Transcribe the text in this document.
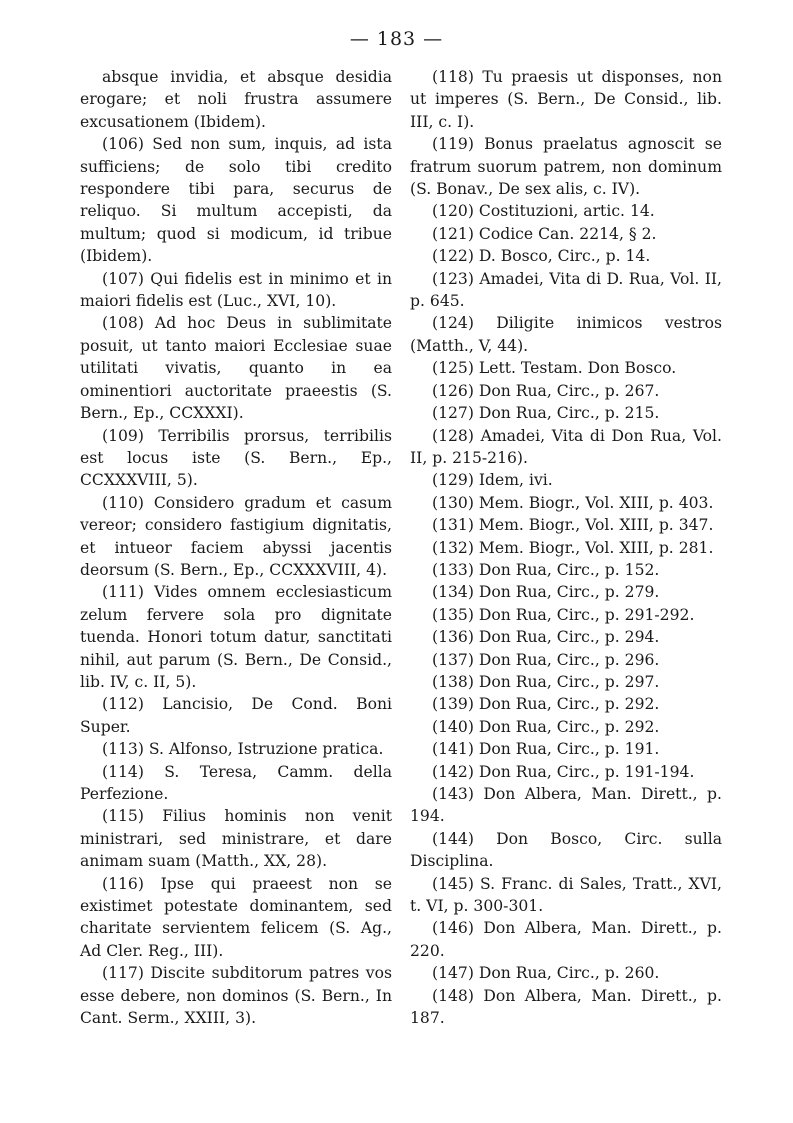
— 183 —

absque invidia, et absque desidia erogare; et noli frustra assumere excusationem (Ibidem).

(106) Sed non sum, inquis, ad ista sufficiens; de solo tibi credito respondere tibi para, securus de reliquo. Si multum accepisti, da multum; quod si modicum, id tribue (Ibidem).

(107) Qui fidelis est in minimo et in maiori fidelis est (Luc., XVI, 10).

(108) Ad hoc Deus in sublimitate posuit, ut tanto maiori Ecclesiae suae utilitati vivatis, quanto in ea ominentiori auctoritate praeestis (S. Bern., Ep., CCXXXI).

(109) Terribilis prorsus, terribilis est locus iste (S. Bern., Ep., CCXXXVIII, 5).

(110) Considero gradum et casum vereor; considero fastigium dignitatis, et intueor faciem abyssi jacentis deorsum (S. Bern., Ep., CCXXXVIII, 4).

(111) Vides omnem ecclesiasticum zelum fervere sola pro dignitate tuenda. Honori totum datur, sanctitati nihil, aut parum (S. Bern., De Consid., lib. IV, c. II, 5).

(112) Lancisio, De Cond. Boni Super.

(113) S. Alfonso, Istruzione pratica.

(114) S. Teresa, Camm. della Perfezione.

(115) Filius hominis non venit ministrari, sed ministrare, et dare animam suam (Matth., XX, 28).

(116) Ipse qui praeest non se existimet potestate dominantem, sed charitate servientem felicem (S. Ag., Ad Cler. Reg., III).

(117) Discite subditorum patres vos esse debere, non dominos (S. Bern., In Cant. Serm., XXIII, 3).

(118) Tu praesis ut disponses, non ut imperes (S. Bern., De Consid., lib. III, c. I).

(119) Bonus praelatus agnoscit se fratrum suorum patrem, non dominum (S. Bonav., De sex alis, c. IV).

(120) Costituzioni, artic. 14.

(121) Codice Can. 2214, § 2.

(122) D. Bosco, Circ., p. 14.

(123) Amadei, Vita di D. Rua, Vol. II, p. 645.

(124) Diligite inimicos vestros (Matth., V, 44).

(125) Lett. Testam. Don Bosco.

(126) Don Rua, Circ., p. 267.

(127) Don Rua, Circ., p. 215.

(128) Amadei, Vita di Don Rua, Vol. II, p. 215-216).

(129) Idem, ivi.

(130) Mem. Biogr., Vol. XIII, p. 403.

(131) Mem. Biogr., Vol. XIII, p. 347.

(132) Mem. Biogr., Vol. XIII, p. 281.

(133) Don Rua, Circ., p. 152.

(134) Don Rua, Circ., p. 279.

(135) Don Rua, Circ., p. 291-292.

(136) Don Rua, Circ., p. 294.

(137) Don Rua, Circ., p. 296.

(138) Don Rua, Circ., p. 297.

(139) Don Rua, Circ., p. 292.

(140) Don Rua, Circ., p. 292.

(141) Don Rua, Circ., p. 191.

(142) Don Rua, Circ., p. 191-194.

(143) Don Albera, Man. Dirett., p. 194.

(144) Don Bosco, Circ. sulla Disciplina.

(145) S. Franc. di Sales, Tratt., XVI, t. VI, p. 300-301.

(146) Don Albera, Man. Dirett., p. 220.

(147) Don Rua, Circ., p. 260.

(148) Don Albera, Man. Dirett., p. 187.
